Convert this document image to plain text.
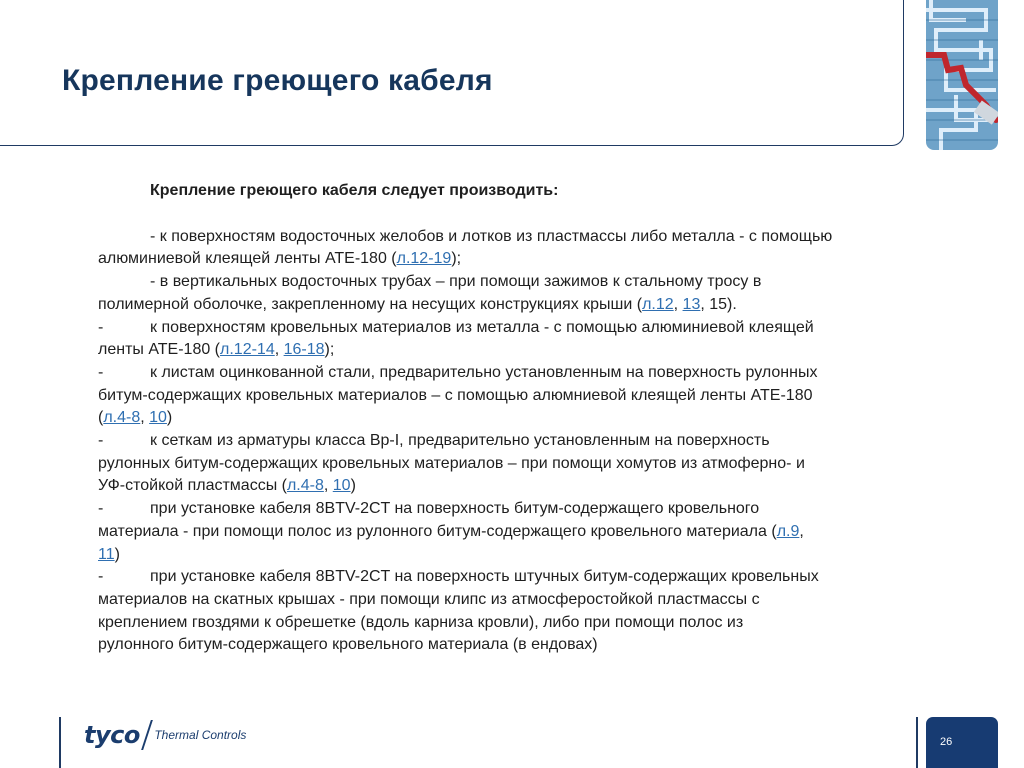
Крепление греющего кабеля
Крепление греющего кабеля следует производить:
- к поверхностям водосточных желобов и лотков из пластмассы либо металла - с помощью
алюминиевой клеящей ленты АТЕ-180 (л.12-19);
- в вертикальных водосточных трубах – при помощи зажимов к стальному тросу в
полимерной оболочке, закрепленному на несущих конструкциях крыши (л.12, 13, 15).
-	к поверхностям кровельных материалов из металла - с помощью алюминиевой клеящей
ленты АТЕ-180 (л.12-14, 16-18);
-	к листам оцинкованной стали, предварительно установленным на поверхность рулонных
битум-содержащих кровельных материалов – с помощью алюмниевой клеящей ленты АТЕ-180
(л.4-8, 10)
-	к сеткам из арматуры класса Вр-I, предварительно установленным на поверхность
рулонных битум-содержащих кровельных материалов – при помощи хомутов из атмоферно- и
УФ-стойкой пластмассы (л.4-8, 10)
-	при установке кабеля 8BTV-2CT на поверхность битум-содержащего кровельного
материала - при помощи полос из рулонного битум-содержащего кровельного материала (л.9,
11)
-	при установке кабеля 8BTV-2CT на поверхность штучных битум-содержащих кровельных
материалов на скатных крышах - при помощи клипс из атмосферостойкой пластмассы с
креплением гвоздями к обрешетке (вдоль карниза кровли), либо при помощи полос из
рулонного битум-содержащего кровельного материала (в ендовах)
tyco Thermal Controls	26
